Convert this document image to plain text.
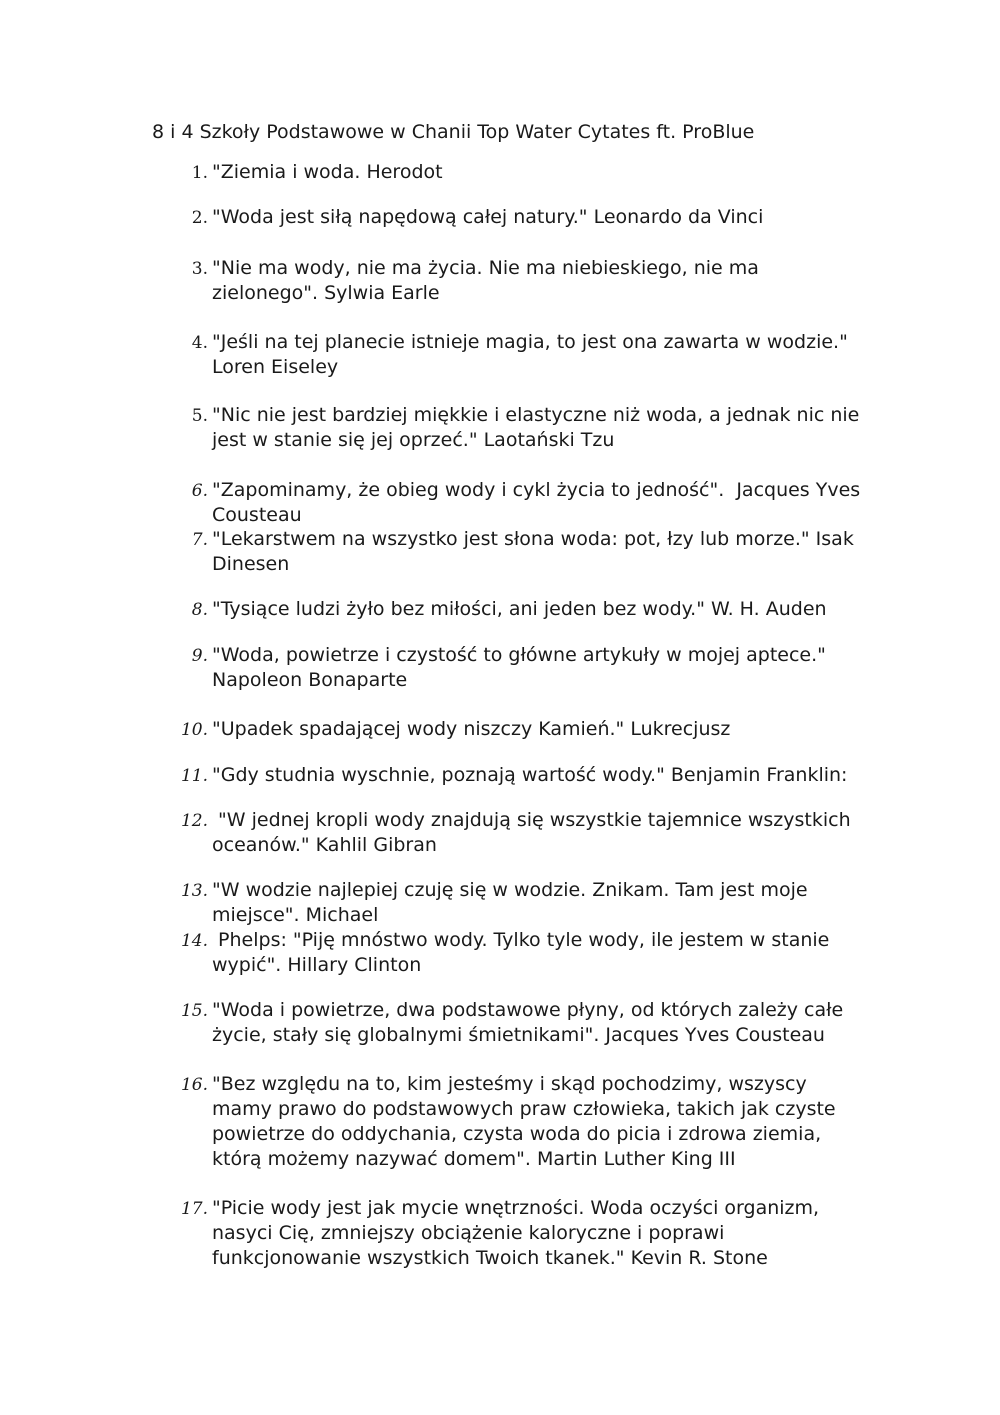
8 i 4 Szkoły Podstawowe w Chanii Top Water Cytates ft. ProBlue
1. "Ziemia i woda. Herodot
2. "Woda jest siłą napędową całej natury." Leonardo da Vinci
3. "Nie ma wody, nie ma życia. Nie ma niebieskiego, nie ma
zielonego". Sylwia Earle
4. "Jeśli na tej planecie istnieje magia, to jest ona zawarta w wodzie."
Loren Eiseley
5. "Nic nie jest bardziej miękkie i elastyczne niż woda, a jednak nic nie
jest w stanie się jej oprzeć." Laotański Tzu
6. "Zapominamy, że obieg wody i cykl życia to jedność".  Jacques Yves
Cousteau
7. "Lekarstwem na wszystko jest słona woda: pot, łzy lub morze." Isak
Dinesen
8. "Tysiące ludzi żyło bez miłości, ani jeden bez wody." W. H. Auden
9. "Woda, powietrze i czystość to główne artykuły w mojej aptece."
Napoleon Bonaparte
10. "Upadek spadającej wody niszczy Kamień." Lukrecjusz
11. "Gdy studnia wyschnie, poznają wartość wody." Benjamin Franklin:
12. "W jednej kropli wody znajdują się wszystkie tajemnice wszystkich
oceanów." Kahlil Gibran
13. "W wodzie najlepiej czuję się w wodzie. Znikam. Tam jest moje
miejsce". Michael
14. Phelps: "Piję mnóstwo wody. Tylko tyle wody, ile jestem w stanie
wypić". Hillary Clinton
15. "Woda i powietrze, dwa podstawowe płyny, od których zależy całe
życie, stały się globalnymi śmietnikami". Jacques Yves Cousteau
16. "Bez względu na to, kim jesteśmy i skąd pochodzimy, wszyscy
mamy prawo do podstawowych praw człowieka, takich jak czyste
powietrze do oddychania, czysta woda do picia i zdrowa ziemia,
którą możemy nazywać domem". Martin Luther King III
17. "Picie wody jest jak mycie wnętrzności. Woda oczyści organizm,
nasyci Cię, zmniejszy obciążenie kaloryczne i poprawi
funkcjonowanie wszystkich Twoich tkanek." Kevin R. Stone
